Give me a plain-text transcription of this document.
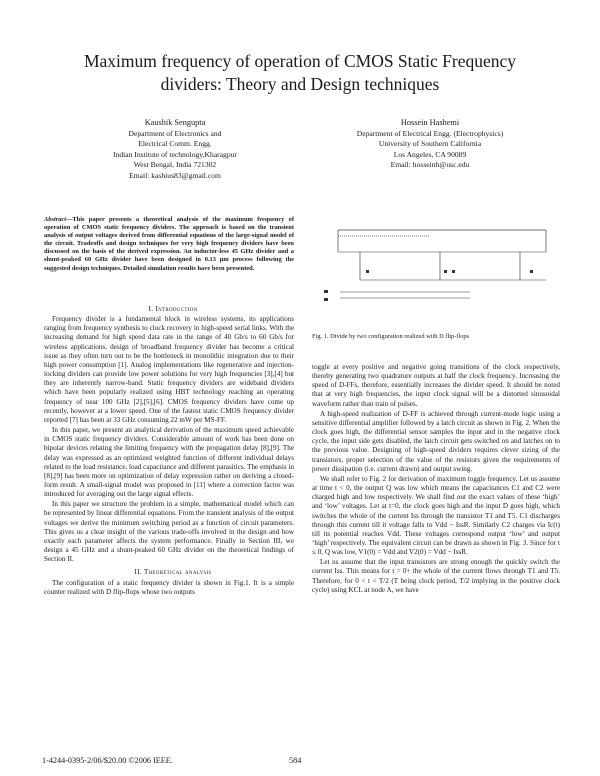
Maximum frequency of operation of CMOS Static Frequency
dividers: Theory and Design techniques
Kaushik Sengupta
Department of Electronics and
Electrical Comm. Engg.
Indian Institute of technology,Kharagpur
West Bengal, India 721302
Email: kashius83@gmail.com
Hossein Hashemi
Department of Electrical Engg. (Electrophysics)
University of Southern California
Los Angeles, CA 90089
Email: hosseinh@usc.edu
Abstract—This paper presents a theoretical analysis of the maximum frequency of operation of CMOS static frequency dividers. The approach is based on the transient analysis of output voltages derived from differential equations of the large-signal model of the circuit. Tradeoffs and design techniques for very high frequency dividers have been discussed on the basis of the derived expression. An inductor-less 45 GHz divider and a shunt-peaked 60 GHz divider have been designed in 0.13 μm process following the suggested design techniques. Detailed simulation results have been presented.

I. Introduction

Frequency divider is a fundamental block in wireless systems, its applications ranging from frequency synthesis to clock recovery in high-speed serial links. With the increasing demand for high speed data rate in the range of 40 Gb/s to 60 Gb/s for wireless applications, design of broadband frequency divider has become a critical issue as they often turn out to be the bottleneck in monolithic integration due to their high power consumption [1]. Analog implementations like regenerative and injection-locking dividers can provide low power solutions for very high frequencies [3],[4] but they are inherently narrow-band. Static frequency dividers are wideband dividers which have been popularly realized using HBT technology reaching an operating frequency of near 100 GHz [2],[5],[6]. CMOS frequency dividers have come up recently, however at a lower speed. One of the fastest static CMOS frequency divider reported [7] has been at 33 GHz consuming 22 mW per MS-FF.

In this paper, we present an analytical derivation of the maximum speed achievable in CMOS static frequency dividers. Considerable amount of work has been done on bipolar devices relating the limiting frequency with the propagation delay [8],[9]. The delay was expressed as an optimized weighted function of different individual delays related to the load resistance, load capacitance and different parasitics. The emphasis in [8],[9] has been more on optimization of delay expression rather on deriving a closed-form result. A small-signal model was proposed in [11] where a correction factor was introduced for averaging out the large signal effects.

In this paper we structure the problem in a simple, mathematical model which can be represented by linear differential equations. From the transient analysis of the output voltages we derive the minimum switching period as a function of circuit parameters. This gives us a clear insight of the various trade-offs involved in the design and how exactly each parameter affects the system performance. Finally in Section III, we design a 45 GHz and a shunt-peaked 60 GHz divider on the theoretical findings of Section II.

II. Theoretical analysis

The configuration of a static frequency divider is shown in Fig.1. It is a simple counter realized with D flip-flops whose two outputs

Fig. 1. Divide by two configuration realized with D flip-flops

toggle at every positive and negative going transitions of the clock respectively, thereby generating two quadrature outputs at half the clock frequency. Increasing the speed of D-FFs, therefore, essentially increases the divider speed. It should be noted that at very high frequencies, the input clock signal will be a distorted sinusoidal waveform rather than train of pulses.

A high-speed realization of D-FF is achieved through current-mode logic using a sensitive differential amplifier followed by a latch circuit as shown in Fig. 2. When the clock goes high, the differential sensor samples the input and in the negative clock cycle, the input side gets disabled, the latch circuit gets switched on and latches on to the previous value. Designing of high-speed dividers requires clever sizing of the transistors, proper selection of the value of the resistors given the requirements of power dissipation (i.e. current drawn) and output swing.

We shall refer to Fig. 2 for derivation of maximum toggle frequency. Let us assume at time t < 0, the output Q was low which means the capacitances C1 and C2 were charged high and low respectively. We shall find out the exact values of these ‘high’ and ‘low’ voltages. Let at t=0, the clock goes high and the input D goes high, which switches the whole of the current Iss through the transistor T1 and T5. C1 discharges through this current till it voltage falls to Vdd − IssR. Similarly C2 charges via Ic(t) till its potential reaches Vdd. These voltages correspond output ‘low’ and output ‘high’ respectively. The equivalent circuit can be drawn as shown in Fig. 3. Since for t ≤ 0, Q was low, V1(0) = Vdd and V2(0) = Vdd − IssR.

Let us assume that the input transistors are strong enough the quickly switch the current Iss. This means for t = 0+ the whole of the current flows through T1 and T5. Therefore, for 0 < t < T/2 (T being clock period, T/2 implying in the positive clock cycle) using KCL at node A, we have

1-4244-0395-2/06/$20.00 ©2006 IEEE.	584
